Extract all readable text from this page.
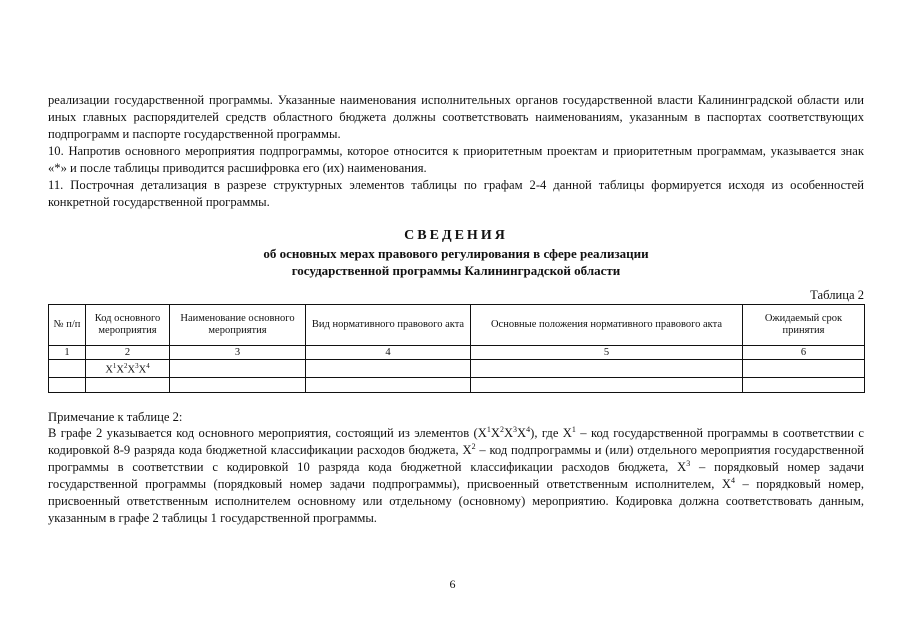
реализации государственной программы. Указанные наименования исполнительных органов государственной власти Калининградской области или иных главных распорядителей средств областного бюджета должны соответствовать наименованиям, указанным в паспортах соответствующих подпрограмм и паспорте государственной программы.

10. Напротив основного мероприятия подпрограммы, которое относится к приоритетным проектам и приоритетным программам, указывается знак «*» и после таблицы приводится расшифровка его (их) наименования.

11. Построчная детализация в разрезе структурных элементов таблицы по графам 2-4 данной таблицы формируется исходя из особенностей конкретной государственной программы.

СВЕДЕНИЯ
об основных мерах правового регулирования в сфере реализации
государственной программы Калининградской области
Таблица 2
№ п/п	Код основного мероприятия	Наименование основного мероприятия	Вид нормативного правового акта	Основные положения нормативного правового акта	Ожидаемый срок принятия
1	2	3	4	5	6
	$X^1X^2X^3X^4$				

Примечание к таблице 2:

В графе 2 указывается код основного мероприятия, состоящий из элементов $(X^1X^2X^3X^4)$, где $X^1$ – код государственной программы в соответствии с кодировкой 8-9 разряда кода бюджетной классификации расходов бюджета, $X^2$ – код подпрограммы и (или) отдельного мероприятия государственной программы в соответствии с кодировкой 10 разряда кода бюджетной классификации расходов бюджета, $X^3$ – порядковый номер задачи государственной программы (порядковый номер задачи подпрограммы), присвоенный ответственным исполнителем, $X^4$ – порядковый номер, присвоенный ответственным исполнителем основному или отдельному (основному) мероприятию. Кодировка должна соответствовать данным, указанным в графе 2 таблицы 1 государственной программы.

6
